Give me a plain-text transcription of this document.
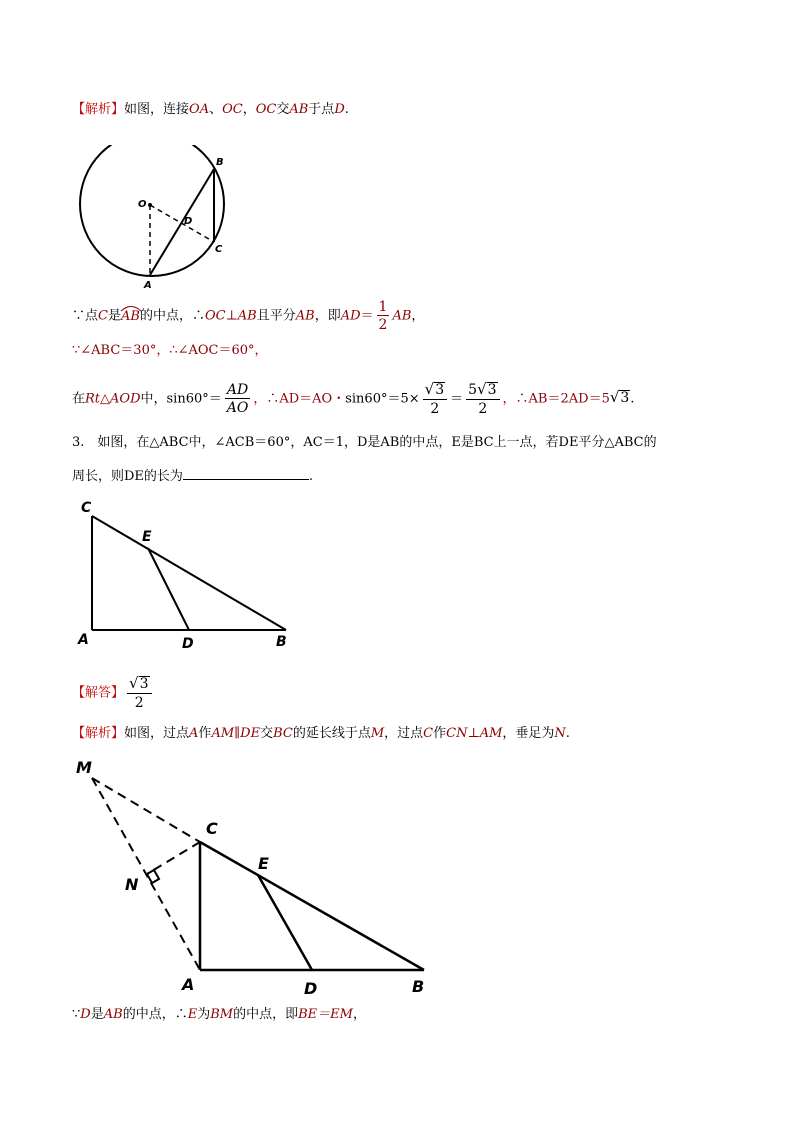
【解析】如图，连接OA、OC，OC交AB于点D.
B
O
D
C
A
∵点C是
AB的中点，∴OC⊥AB且平分AB，即$AD= \frac{1}{2}$ AB，
∵∠ABC＝30°，∴∠AOC＝60°，
在Rt△AOD中，$\sin 60^\circ= \frac{AD}{AO}$ ，∴AD＝AO・$\sin 60^\circ=5\times \frac{√ 3}{2} = \frac{5 √ 3}{2}$ ，∴AB＝2AD＝5 √ 3 .
3.　如图，在△ABC中，∠ACB＝60°，AC＝1，D是AB的中点，E是BC上一点，若DE平分△ABC的
周长，则DE的长为	.
C
E
A	D	B
【解答】 $\frac{√ 3}{2}$
【解析】如图，过点A作AM∥DE交BC的延长线于点M，过点C作CN⊥AM，垂足为N.
M
C
E
N
A	D	B
∵D是AB的中点，∴E为BM的中点，即BE＝EM，
